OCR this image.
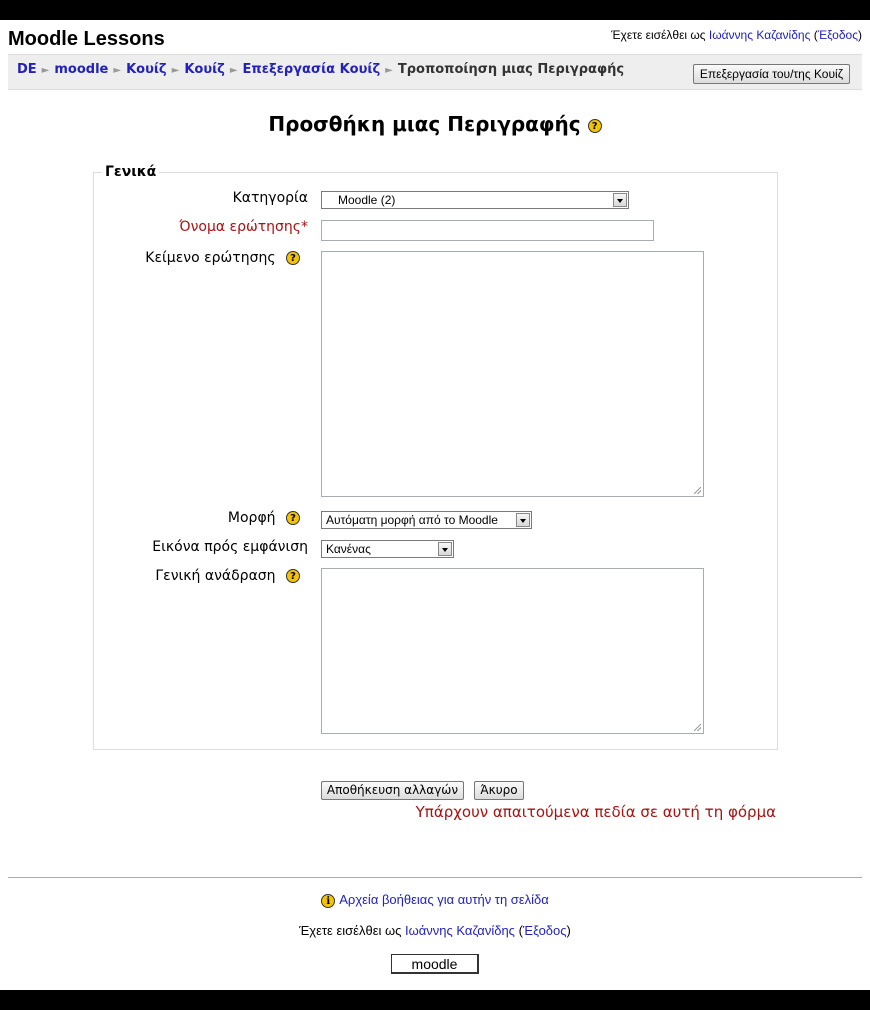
Moodle Lessons	Έχετε εισέλθει ως Ιωάννης Καζανίδης (Έξοδος)
DE ► moodle ► Κουίζ ► Κουίζ ► Επεξεργασία Κουίζ ► Τροποποίηση μιας Περιγραφής	Επεξεργασία του/της Κουίζ
Προσθήκη μιας Περιγραφής ?
Γενικά
Κατηγορία	Moodle (2)
Όνομα ερώτησης*
Κείμενο ερώτησης ?
Μορφή ?	Αυτόματη μορφή από το Moodle
Εικόνα πρός εμφάνιση	Κανένας
Γενική ανάδραση ?
Αποθήκευση αλλαγών	Άκυρο
Υπάρχουν απαιτούμενα πεδία σε αυτή τη φόρμα
i Αρχεία βοήθειας για αυτήν τη σελίδα
Έχετε εισέλθει ως Ιωάννης Καζανίδης (Έξοδος)
moodle
